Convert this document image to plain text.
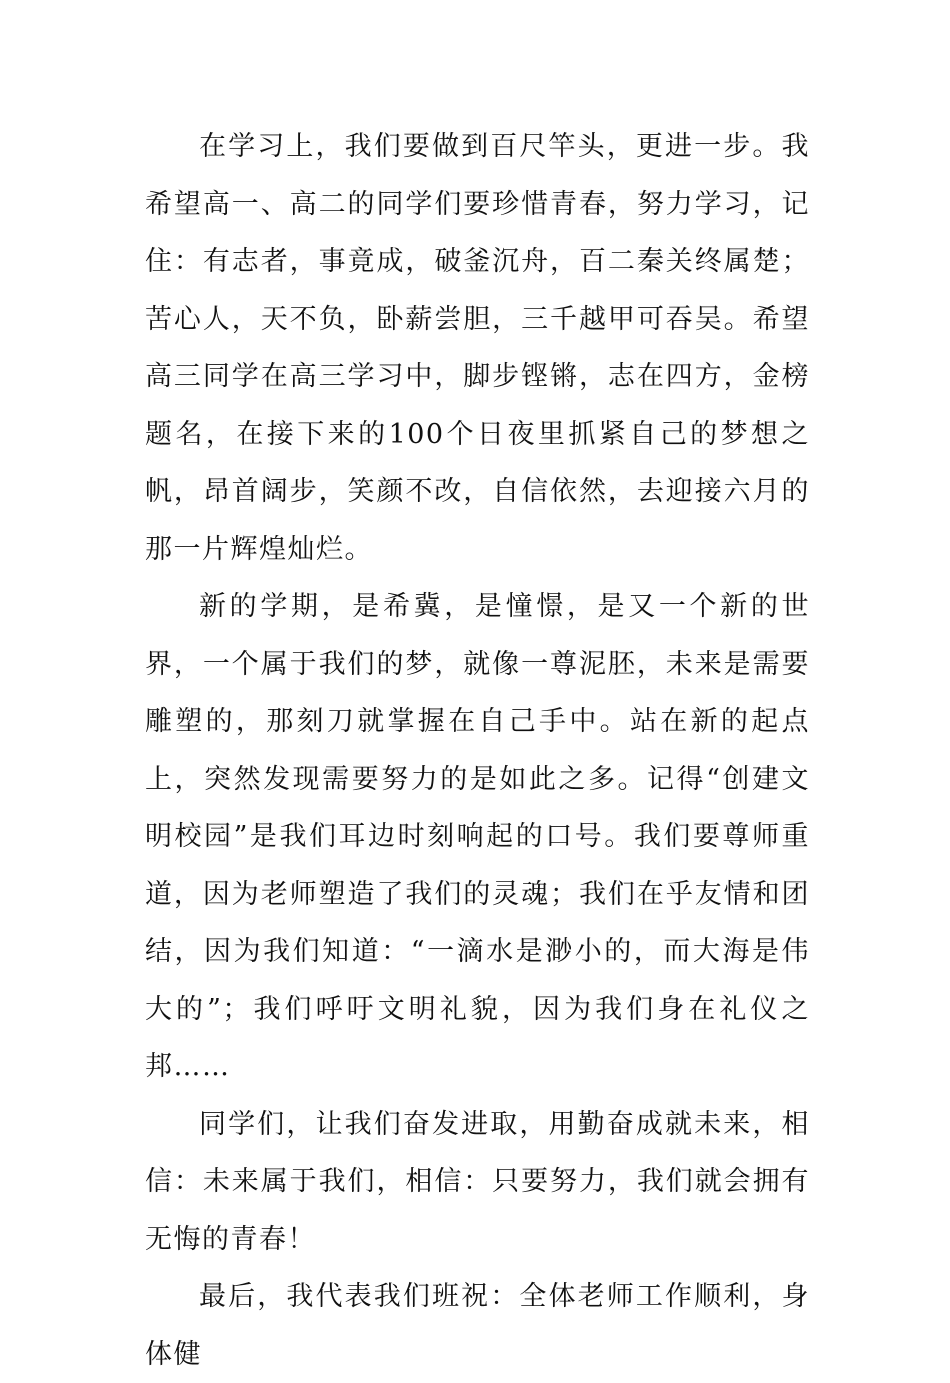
在学习上，我们要做到百尺竿头，更进一步。我希望高一、高二的同学们要珍惜青春，努力学习，记住：有志者，事竟成，破釜沉舟，百二秦关终属楚；苦心人，天不负，卧薪尝胆，三千越甲可吞吴。希望高三同学在高三学习中，脚步铿锵，志在四方，金榜题名，在接下来的100个日夜里抓紧自己的梦想之帆，昂首阔步，笑颜不改，自信依然，去迎接六月的那一片辉煌灿烂。

新的学期，是希冀，是憧憬，是又一个新的世界，一个属于我们的梦，就像一尊泥胚，未来是需要雕塑的，那刻刀就掌握在自己手中。站在新的起点上，突然发现需要努力的是如此之多。记得“创建文明校园”是我们耳边时刻响起的口号。我们要尊师重道，因为老师塑造了我们的灵魂；我们在乎友情和团结，因为我们知道：“一滴水是渺小的，而大海是伟大的”；我们呼吁文明礼貌，因为我们身在礼仪之邦……

同学们，让我们奋发进取，用勤奋成就未来，相信：未来属于我们，相信：只要努力，我们就会拥有无悔的青春！

最后，我代表我们班祝：全体老师工作顺利，身体健
